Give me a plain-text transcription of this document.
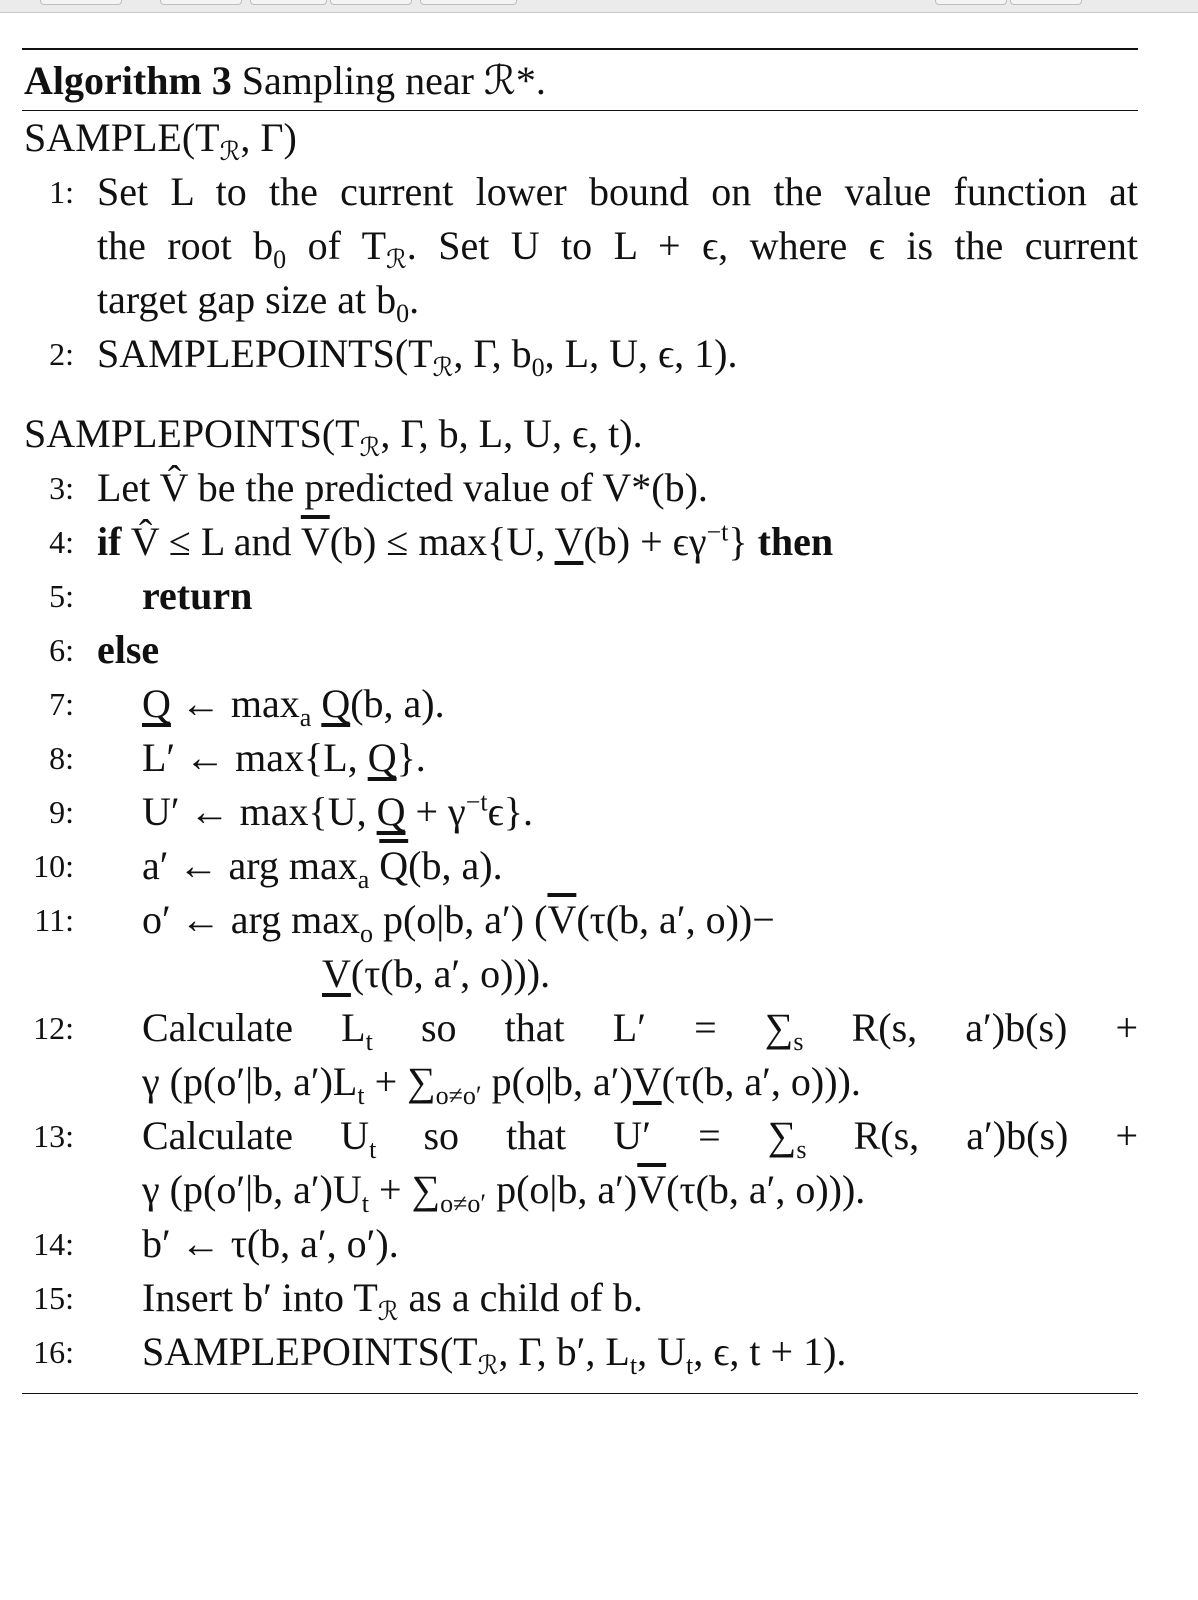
Algorithm 3 Sampling near ℛ*.
$SAMPLE(T_ℛ$, Γ)
1: Set L to the current lower bound on the value function at
the root $b_0$ of $T_ℛ$. Set U to L + ϵ, where ϵ is the current
target gap size at $b_0$.
2: $SAMPLEPOINTS(T_ℛ$, Γ, $b_0$, L, U, ϵ, 1).
$SAMPLEPOINTS(T_ℛ$, Γ, b, L, U, ϵ, t).
3: Let V̂ be the predicted value of V*(b).
4: if V̂ ≤ L and $\overline{V}(b) \le \max\{U$, $V(b) + \epsilon\gamma^{-t}$} then
5: return
6: else
7: Q ← $\max_a Q(b$, a).
8: L′ ← max{L, Q}.
9: U′ ← max{U, $Q + \gamma^{-t}\epsilon$}.
10: a′ ← arg $\max_a \overline{Q}(b$, a).
11: o′ ← arg $\max_o p(o|b$, a′) ($\overline{V}(\tau(b$, a′, o))−
V(τ(b, a′, o))).
12: Calculate $L_t$ so that $L' = \sum_s$ R(s, a′)b(s) +
γ (p(o′|b, $a')L_t + \sum_{o\ne o'}$ p(o|b, a′)V(τ(b, a′, o))).
13: Calculate $U_t$ so that $U' = \sum_s$ R(s, a′)b(s) +
γ (p(o′|b, $a')U_t + \sum_{o\ne o'}$ p(o|b, $a')\overline{V}(\tau(b$, a′, o))).
14: b′ ← τ(b, a′, o′).
15: Insert b′ into $T_ℛ$ as a child of b.
16: $SAMPLEPOINTS(T_ℛ$, Γ, b′, $L_t$, $U_t$, ϵ, t + 1).
